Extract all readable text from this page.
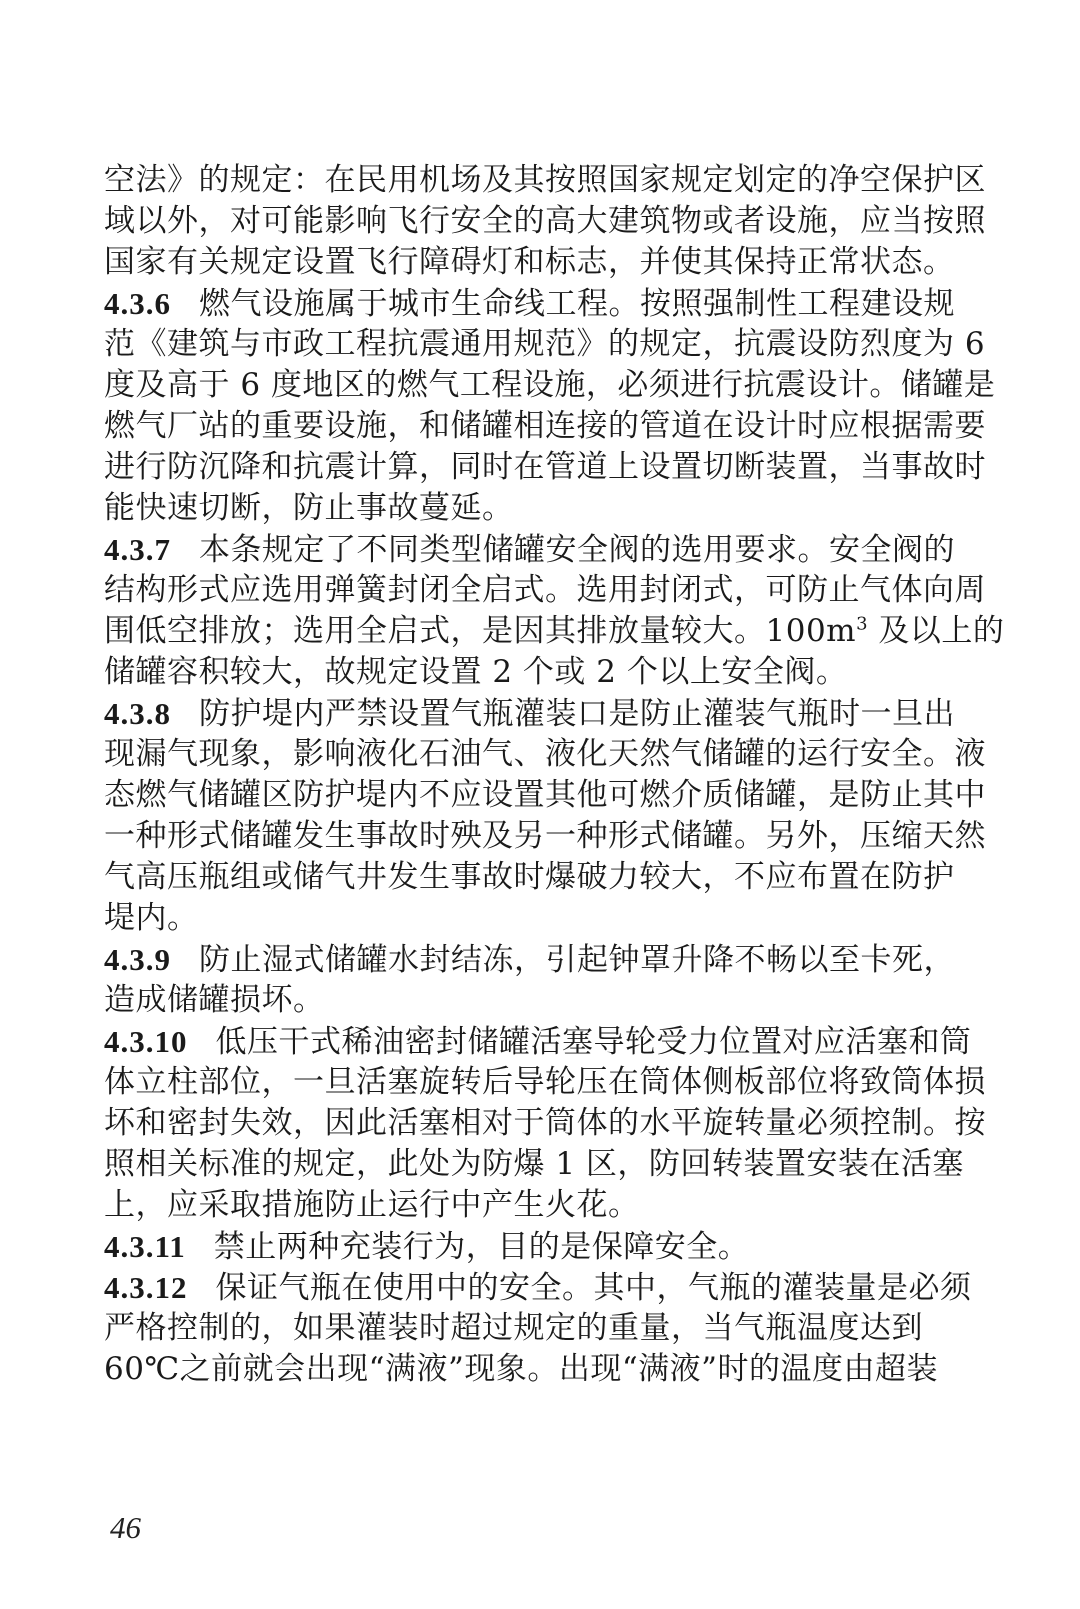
空法》的规定：在民用机场及其按照国家规定划定的净空保护区
域以外，对可能影响飞行安全的高大建筑物或者设施，应当按照
国家有关规定设置飞行障碍灯和标志，并使其保持正常状态。
4.3.6 燃气设施属于城市生命线工程。按照强制性工程建设规
范《建筑与市政工程抗震通用规范》的规定，抗震设防烈度为 6
度及高于 6 度地区的燃气工程设施，必须进行抗震设计。储罐是
燃气厂站的重要设施，和储罐相连接的管道在设计时应根据需要
进行防沉降和抗震计算，同时在管道上设置切断装置，当事故时
能快速切断，防止事故蔓延。
4.3.7 本条规定了不同类型储罐安全阀的选用要求。安全阀的
结构形式应选用弹簧封闭全启式。选用封闭式，可防止气体向周
围低空排放；选用全启式，是因其排放量较大。$100m^3$ 及以上的
储罐容积较大，故规定设置 2 个或 2 个以上安全阀。
4.3.8 防护堤内严禁设置气瓶灌装口是防止灌装气瓶时一旦出
现漏气现象，影响液化石油气、液化天然气储罐的运行安全。液
态燃气储罐区防护堤内不应设置其他可燃介质储罐，是防止其中
一种形式储罐发生事故时殃及另一种形式储罐。另外，压缩天然
气高压瓶组或储气井发生事故时爆破力较大，不应布置在防护
堤内。
4.3.9 防止湿式储罐水封结冻，引起钟罩升降不畅以至卡死，
造成储罐损坏。
4.3.10 低压干式稀油密封储罐活塞导轮受力位置对应活塞和筒
体立柱部位，一旦活塞旋转后导轮压在筒体侧板部位将致筒体损
坏和密封失效，因此活塞相对于筒体的水平旋转量必须控制。按
照相关标准的规定，此处为防爆 1 区，防回转装置安装在活塞
上，应采取措施防止运行中产生火花。
4.3.11 禁止两种充装行为，目的是保障安全。
4.3.12 保证气瓶在使用中的安全。其中，气瓶的灌装量是必须
严格控制的，如果灌装时超过规定的重量，当气瓶温度达到
60℃之前就会出现“满液”现象。出现“满液”时的温度由超装
46
